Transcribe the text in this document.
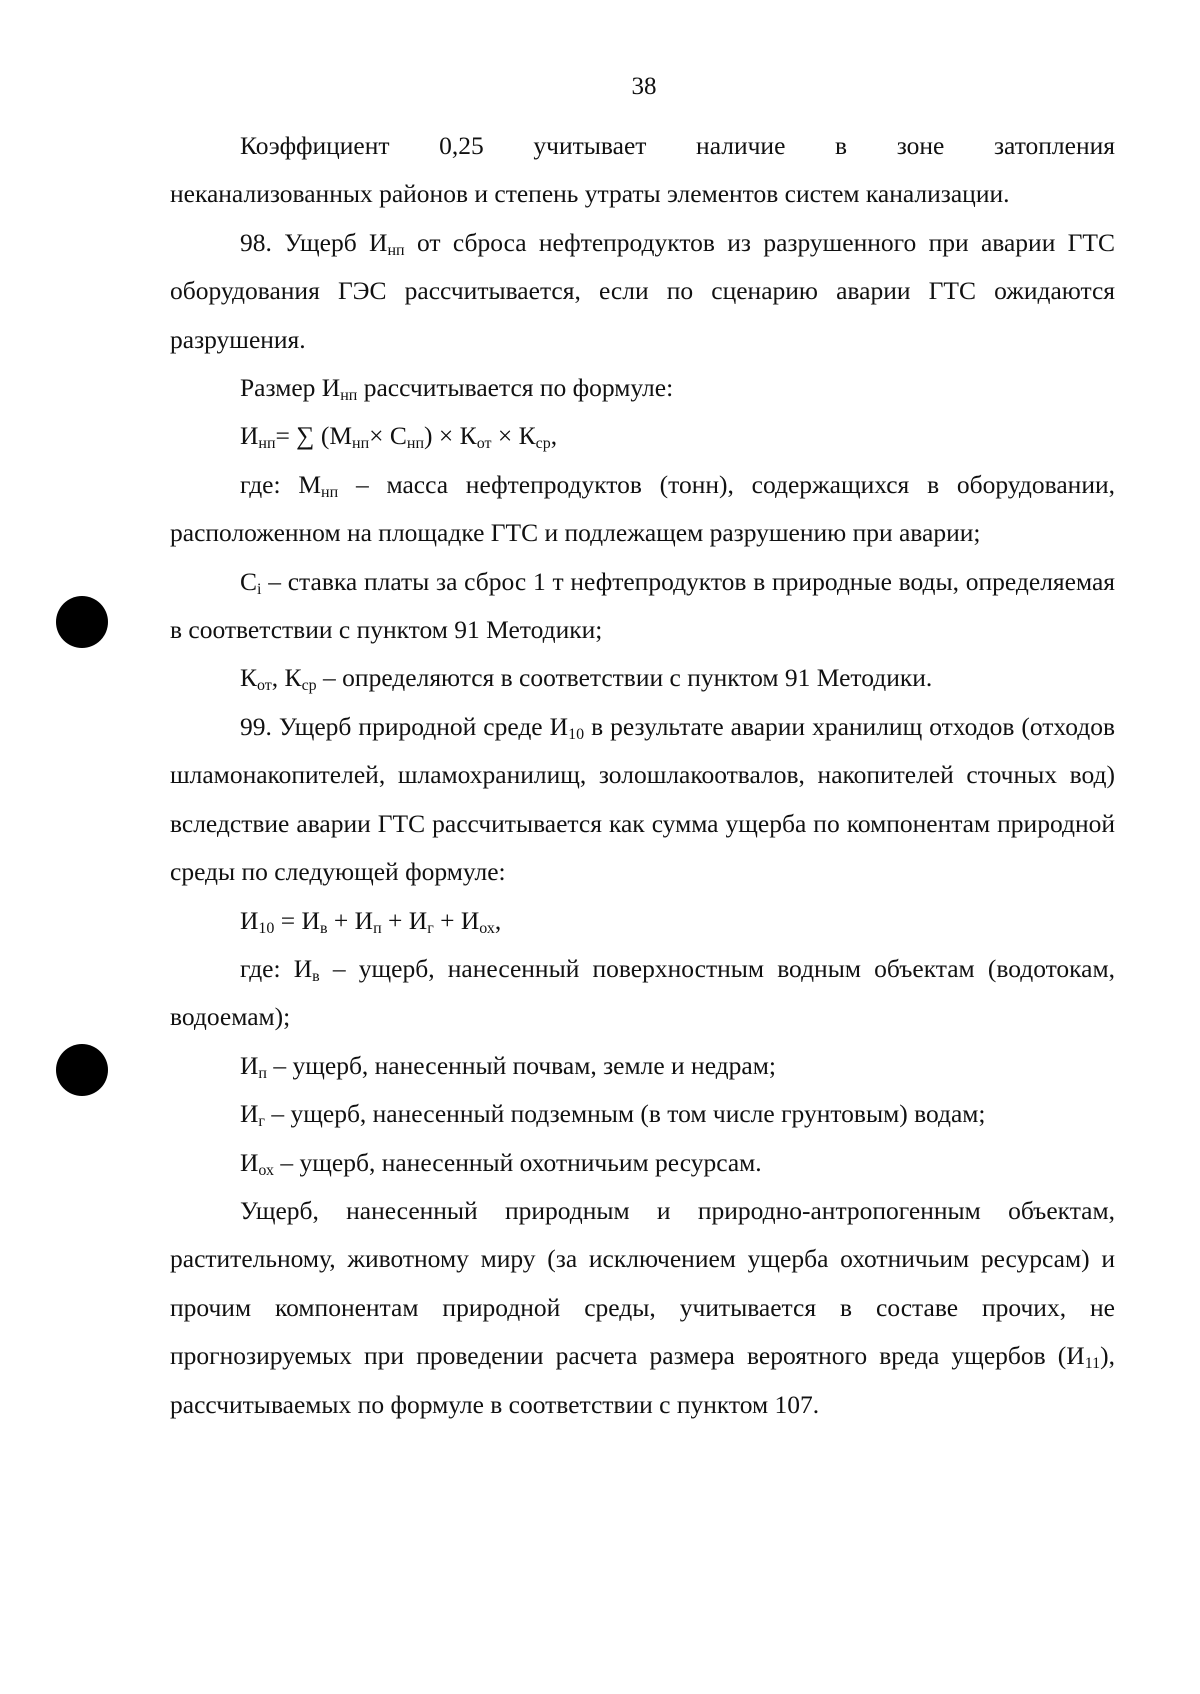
38

Коэффициент 0,25 учитывает наличие в зоне затопления

неканализованных районов и степень утраты элементов систем канализации.

98. Ущерб $И_{нп}$ от сброса нефтепродуктов из разрушенного при аварии ГТС оборудования ГЭС рассчитывается, если по сценарию аварии ГТС ожидаются разрушения.

Размер $И_{нп}$ рассчитывается по формуле:

$И_{нп}=$ ∑ $(М_{нп}\times С_{нп}) \times К_{от} \times К_{ср}$,

где: $М_{нп}$ – масса нефтепродуктов (тонн), содержащихся в оборудовании, расположенном на площадке ГТС и подлежащем разрушению при аварии;

$С_i$ – ставка платы за сброс 1 т нефтепродуктов в природные воды, определяемая в соответствии с пунктом 91 Методики;

$К_{от}$, $К_{ср}$ – определяются в соответствии с пунктом 91 Методики.

99. Ущерб природной среде $И_{10}$ в результате аварии хранилищ отходов (отходов шламонакопителей, шламохранилищ, золошлакоотвалов, накопителей сточных вод) вследствие аварии ГТС рассчитывается как сумма ущерба по компонентам природной среды по следующей формуле:

$И_{10} = И_в + И_п + И_г + И_{ох}$,

где: $И_в$ – ущерб, нанесенный поверхностным водным объектам (водотокам, водоемам);

$И_п$ – ущерб, нанесенный почвам, земле и недрам;

$И_г$ – ущерб, нанесенный подземным (в том числе грунтовым) водам;

$И_{ох}$ – ущерб, нанесенный охотничьим ресурсам.

Ущерб, нанесенный природным и природно-антропогенным объектам, растительному, животному миру (за исключением ущерба охотничьим ресурсам) и прочим компонентам природной среды, учитывается в составе прочих, не прогнозируемых при проведении расчета размера вероятного вреда ущербов $(И_{11})$, рассчитываемых по формуле в соответствии с пунктом 107.
